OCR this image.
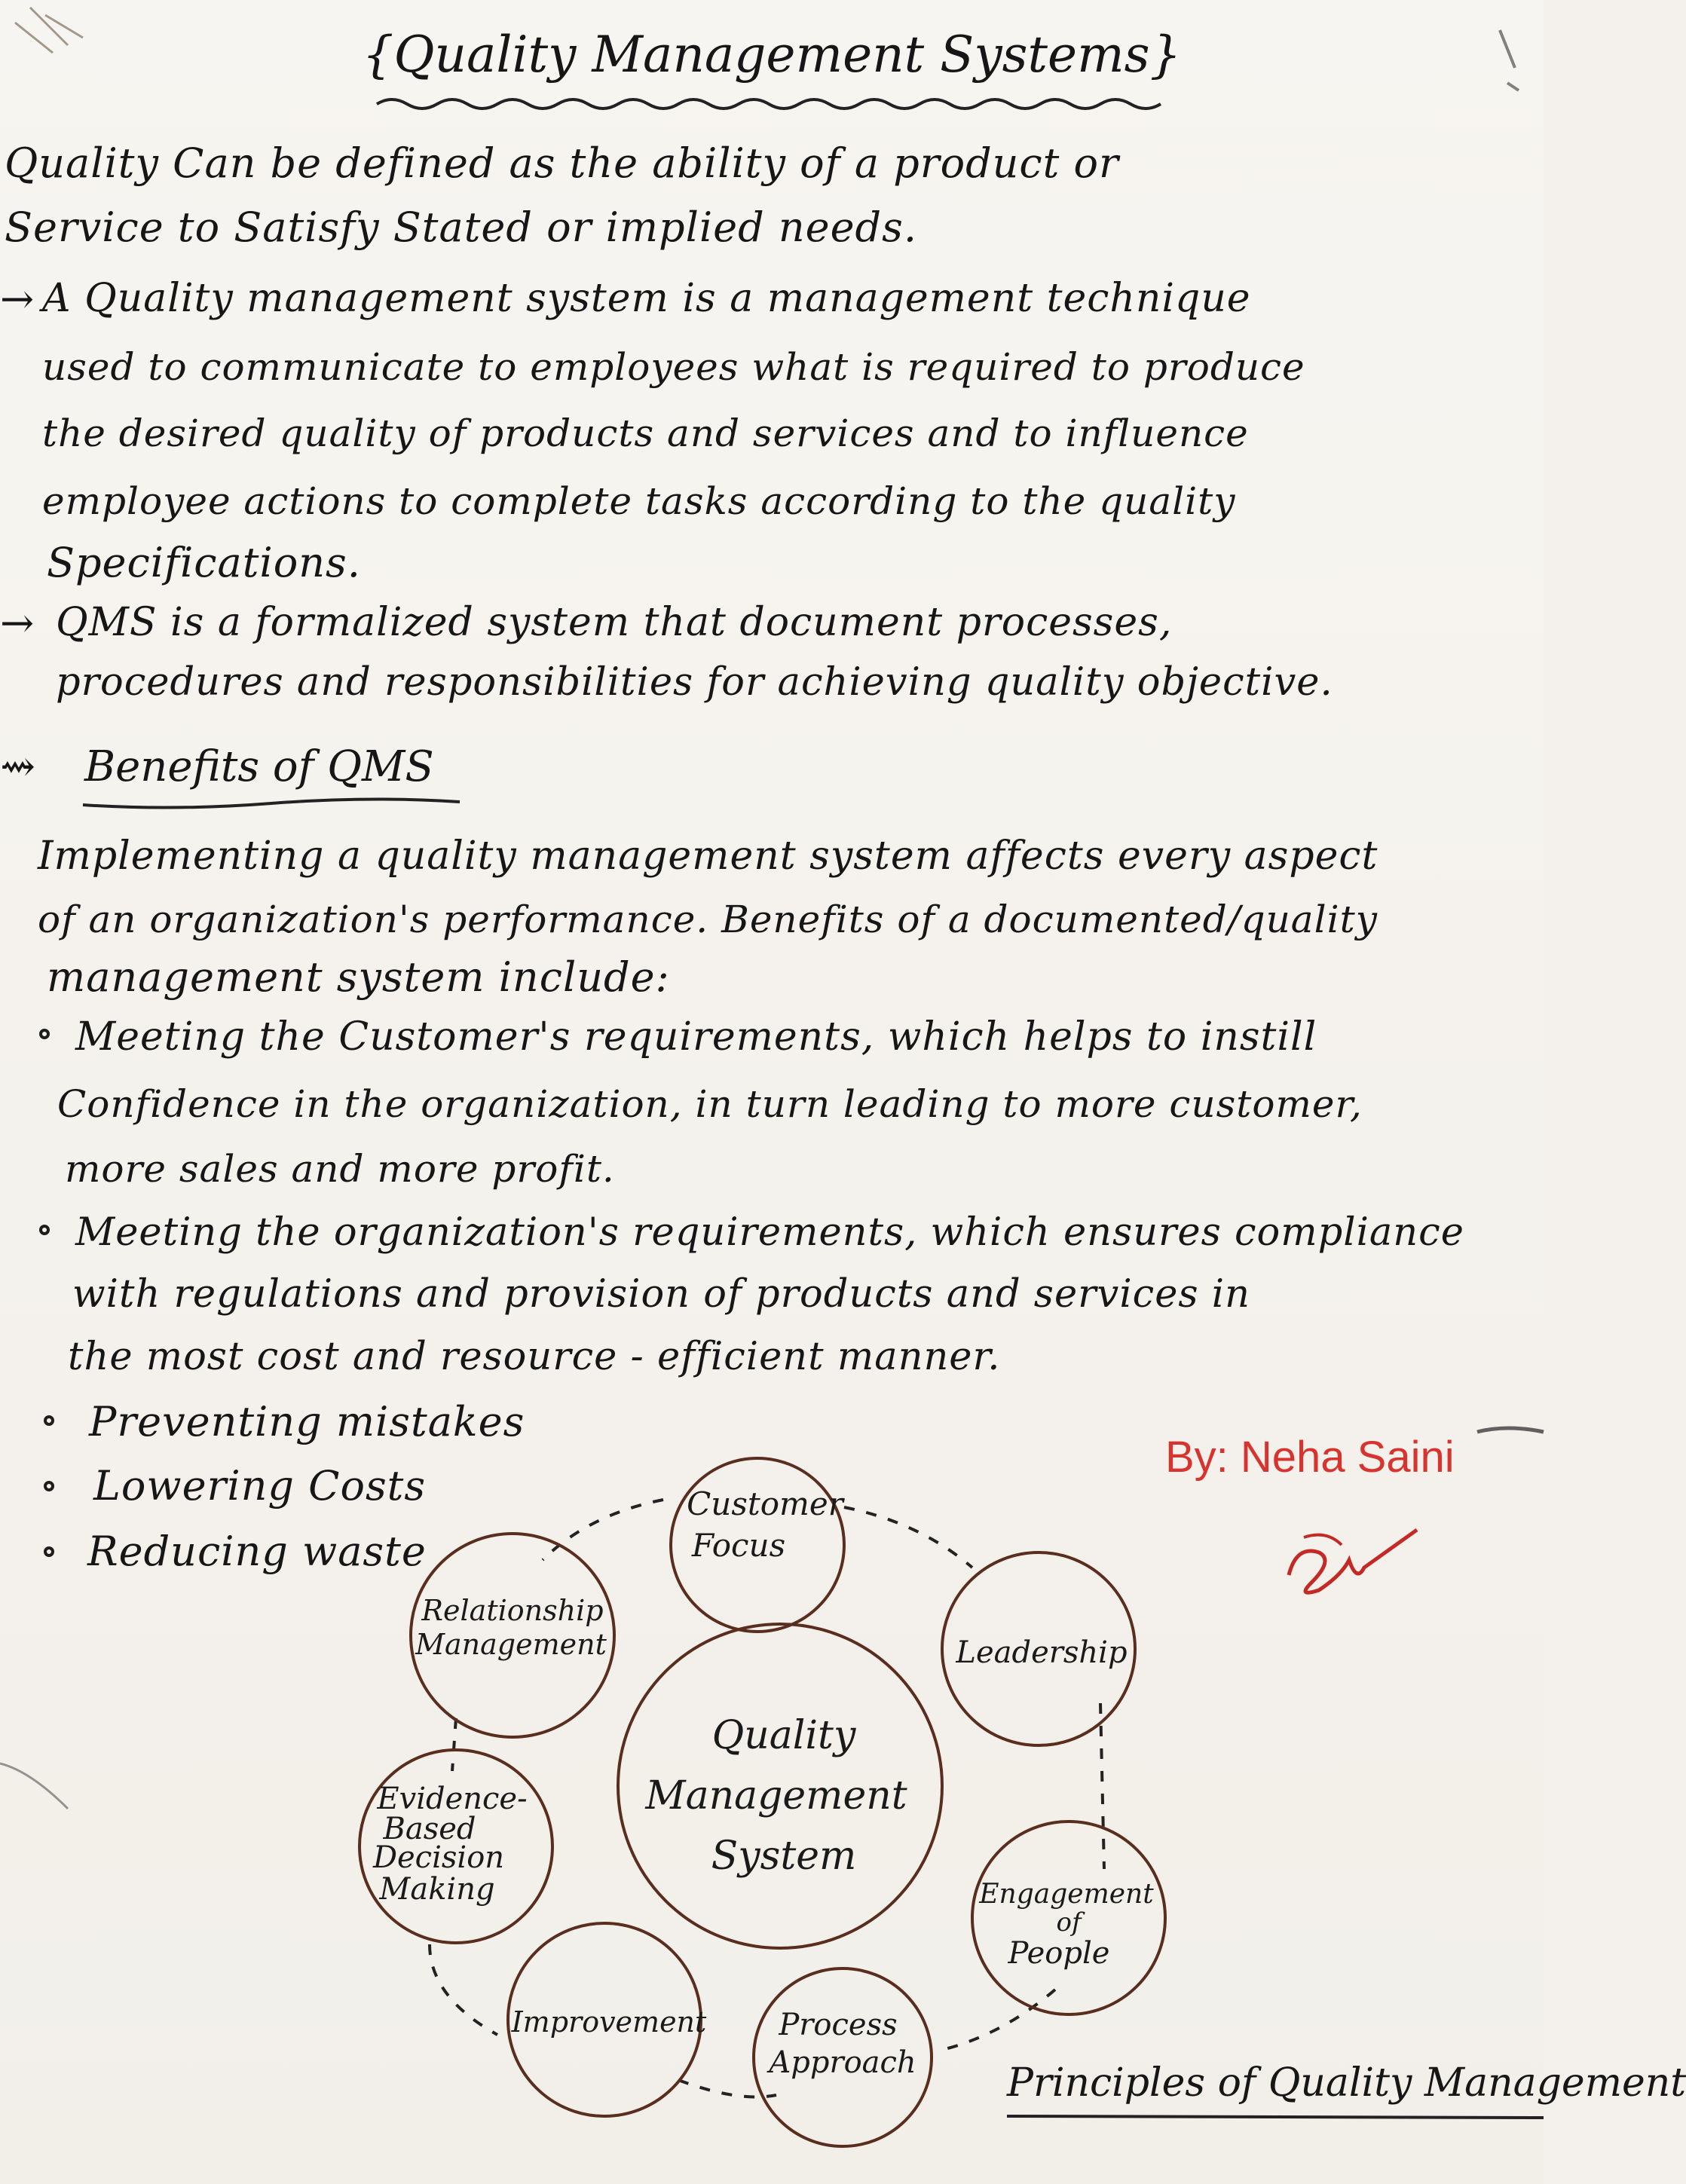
{Quality Management Systems}
Quality Can be defined as the ability of a product or
Service to Satisfy Stated or implied needs.
→ A Quality management system is a management technique
used to communicate to employees what is required to produce
the desired quality of products and services and to influence
employee actions to complete tasks according to the quality
Specifications.
→ QMS is a formalized system that document processes,
procedures and responsibilities for achieving quality objective.
⇝ Benefits of QMS
Implementing a quality management system affects every aspect
of an organization's performance. Benefits of a documented/quality
management system include:
Meeting the Customer's requirements, which helps to instill
Confidence in the organization, in turn leading to more customer,
more sales and more profit.
Meeting the organization's requirements, which ensures compliance
with regulations and provision of products and services in
the most cost and resource - efficient manner.
Preventing mistakes
Lowering Costs
Reducing waste
By: Neha Saini
Quality
Management
System
Customer
Focus
Leadership
Engagement
of
People
Process
Approach
Improvement
Evidence-
Based
Decision
Making
Relationship
Management
Principles of Quality Management
